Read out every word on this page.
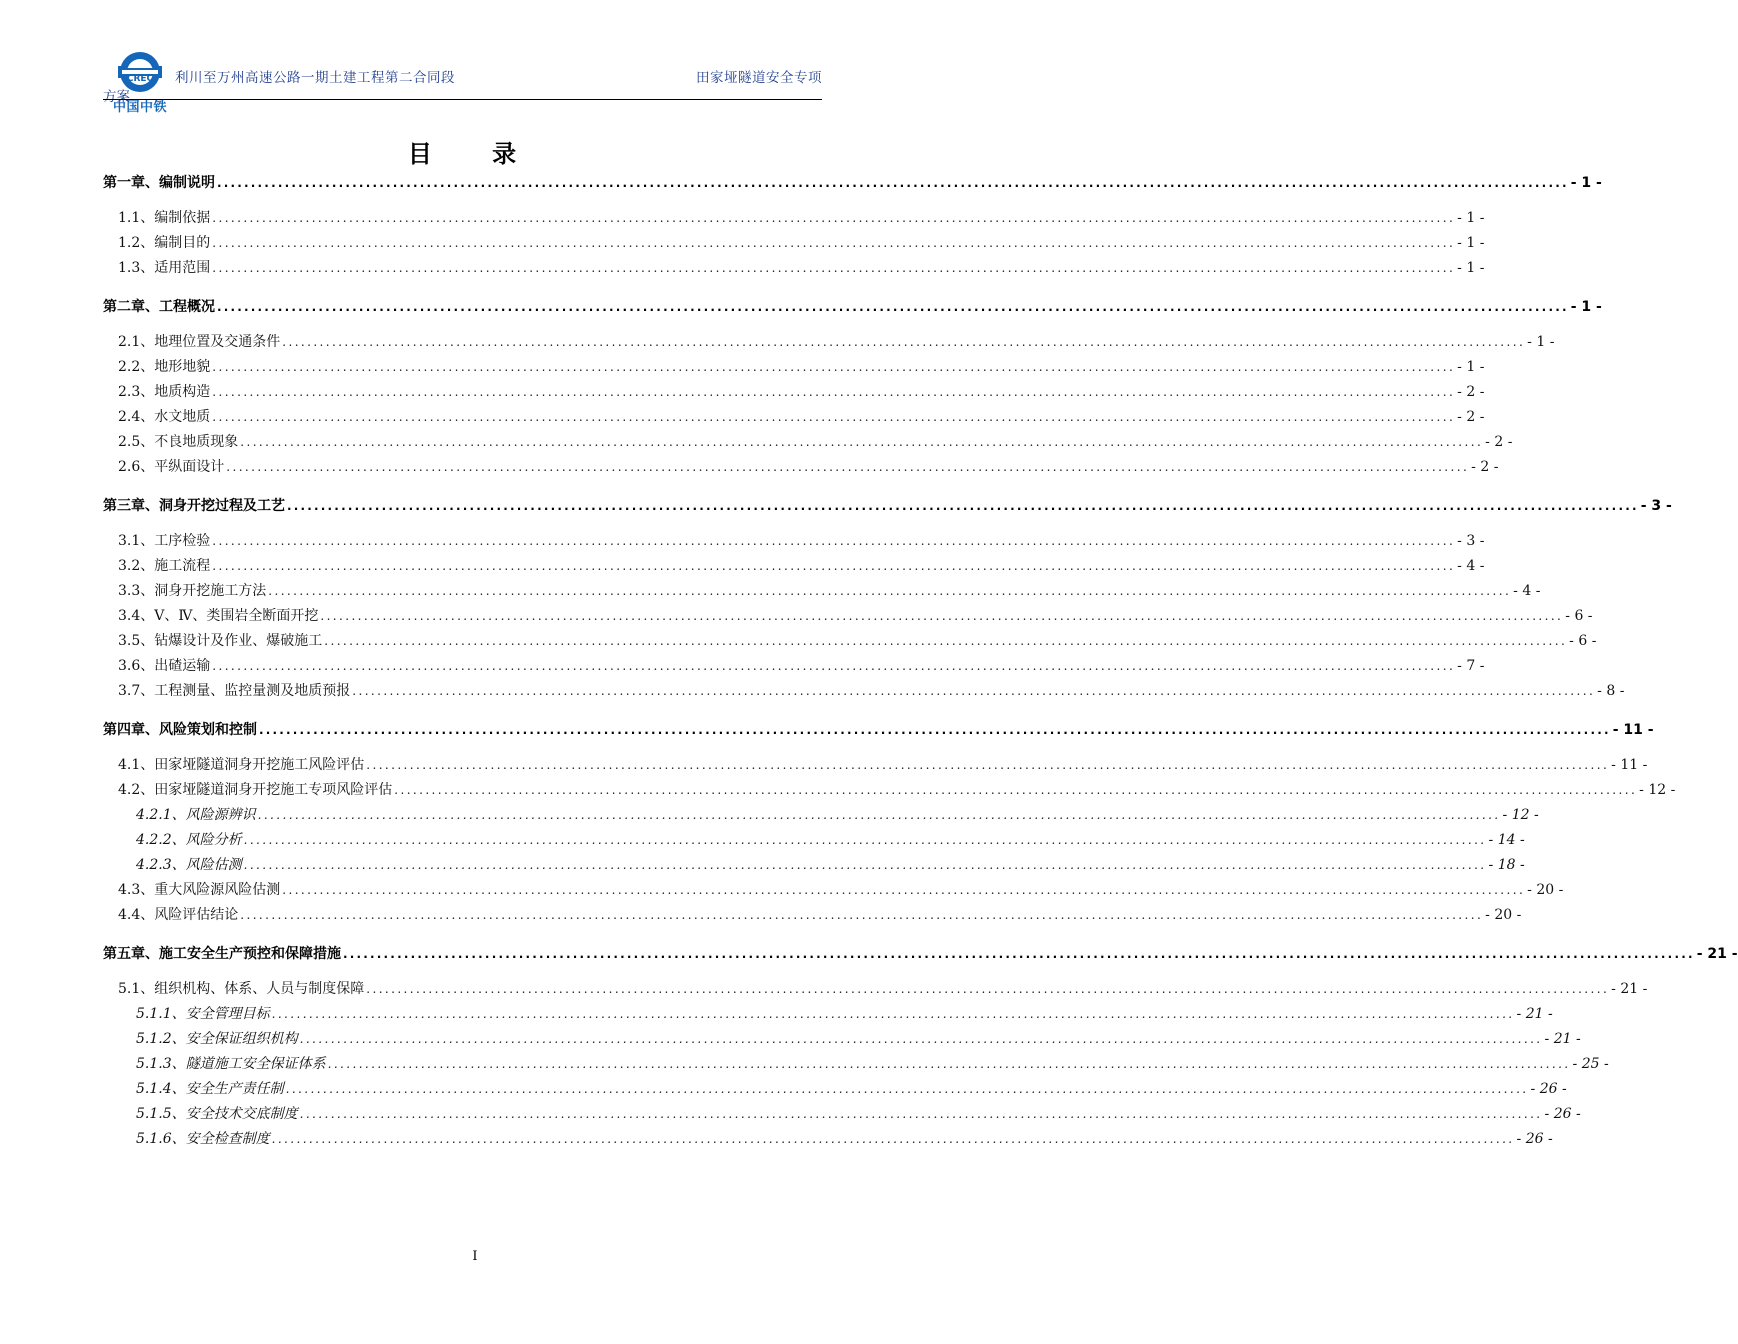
CREC
中国中铁
利川至万州高速公路一期土建工程第二合同段	田家垭隧道安全专项
方案
目 录
第一章、编制说明 ........................................................................................................................................................................................................ - 1 -
1.1、编制依据 ........................................................................................................................................................................................................ - 1 -
1.2、编制目的 ........................................................................................................................................................................................................ - 1 -
1.3、适用范围 ........................................................................................................................................................................................................ - 1 -
第二章、工程概况 ........................................................................................................................................................................................................ - 1 -
2.1、地理位置及交通条件 ........................................................................................................................................................................................................ - 1 -
2.2、地形地貌 ........................................................................................................................................................................................................ - 1 -
2.3、地质构造 ........................................................................................................................................................................................................ - 2 -
2.4、水文地质 ........................................................................................................................................................................................................ - 2 -
2.5、不良地质现象 ........................................................................................................................................................................................................ - 2 -
2.6、平纵面设计 ........................................................................................................................................................................................................ - 2 -
第三章、洞身开挖过程及工艺 ........................................................................................................................................................................................................ - 3 -
3.1、工序检验 ........................................................................................................................................................................................................ - 3 -
3.2、施工流程 ........................................................................................................................................................................................................ - 4 -
3.3、洞身开挖施工方法 ........................................................................................................................................................................................................ - 4 -
3.4、Ⅴ、Ⅳ、类围岩全断面开挖 ........................................................................................................................................................................................................ - 6 -
3.5、钻爆设计及作业、爆破施工 ........................................................................................................................................................................................................ - 6 -
3.6、出碴运输 ........................................................................................................................................................................................................ - 7 -
3.7、工程测量、监控量测及地质预报 ........................................................................................................................................................................................................ - 8 -
第四章、风险策划和控制 ........................................................................................................................................................................................................ - 11 -
4.1、田家垭隧道洞身开挖施工风险评估 ........................................................................................................................................................................................................ - 11 -
4.2、田家垭隧道洞身开挖施工专项风险评估 ........................................................................................................................................................................................................ - 12 -
4.2.1、风险源辨识 ........................................................................................................................................................................................................ - 12 -
4.2.2、风险分析 ........................................................................................................................................................................................................ - 14 -
4.2.3、风险估测 ........................................................................................................................................................................................................ - 18 -
4.3、重大风险源风险估测 ........................................................................................................................................................................................................ - 20 -
4.4、风险评估结论 ........................................................................................................................................................................................................ - 20 -
第五章、施工安全生产预控和保障措施 ........................................................................................................................................................................................................ - 21 -
5.1、组织机构、体系、人员与制度保障 ........................................................................................................................................................................................................ - 21 -
5.1.1、安全管理目标 ........................................................................................................................................................................................................ - 21 -
5.1.2、安全保证组织机构 ........................................................................................................................................................................................................ - 21 -
5.1.3、隧道施工安全保证体系 ........................................................................................................................................................................................................ - 25 -
5.1.4、安全生产责任制 ........................................................................................................................................................................................................ - 26 -
5.1.5、安全技术交底制度 ........................................................................................................................................................................................................ - 26 -
5.1.6、安全检查制度 ........................................................................................................................................................................................................ - 26 -
I
